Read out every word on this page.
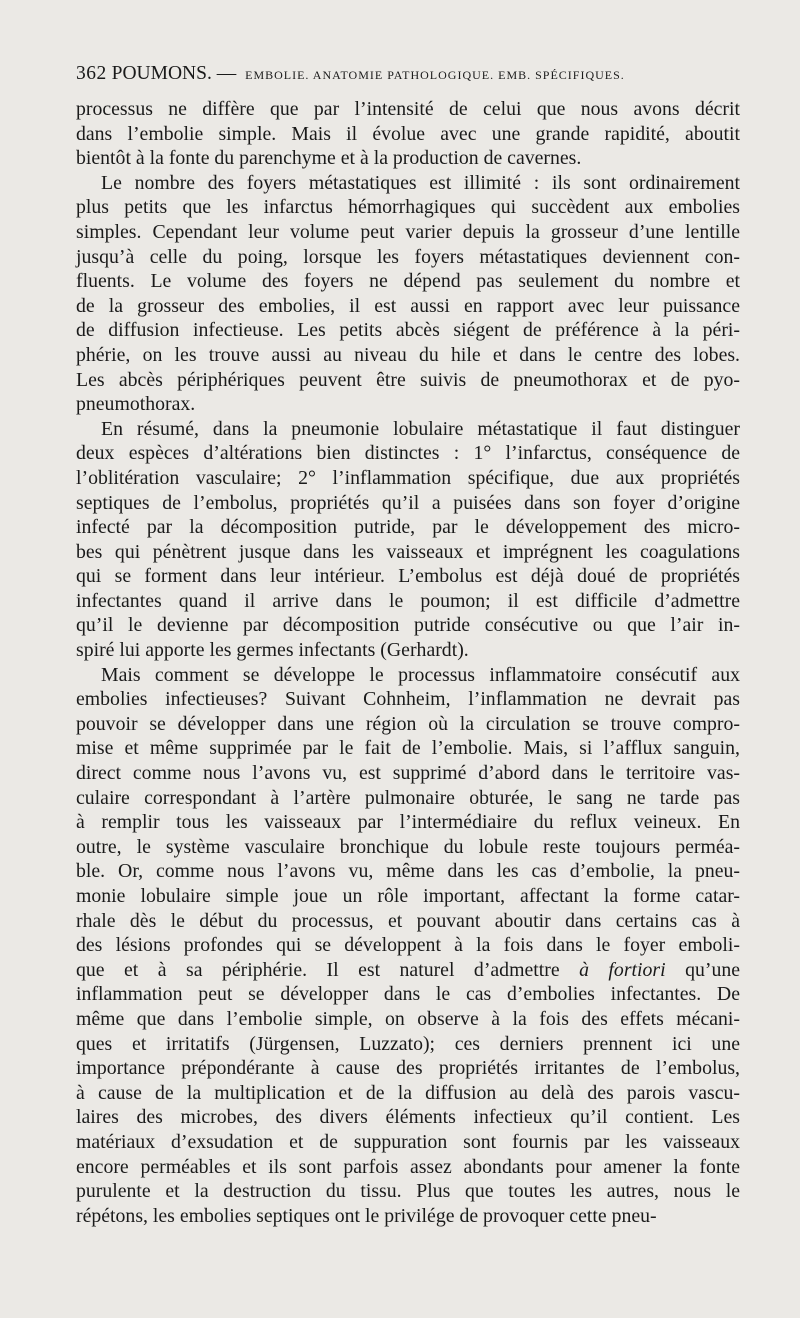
362 POUMONS. — EMBOLIE. ANATOMIE PATHOLOGIQUE. EMB. SPÉCIFIQUES.

processus ne diffère que par l’intensité de celui que nous avons décrit
dans l’embolie simple. Mais il évolue avec une grande rapidité, aboutit
bientôt à la fonte du parenchyme et à la production de cavernes.

Le nombre des foyers métastatiques est illimité : ils sont ordinairement
plus petits que les infarctus hémorrhagiques qui succèdent aux embolies
simples. Cependant leur volume peut varier depuis la grosseur d’une lentille
jusqu’à celle du poing, lorsque les foyers métastatiques deviennent con-
fluents. Le volume des foyers ne dépend pas seulement du nombre et
de la grosseur des embolies, il est aussi en rapport avec leur puissance
de diffusion infectieuse. Les petits abcès siégent de préférence à la péri-
phérie, on les trouve aussi au niveau du hile et dans le centre des lobes.
Les abcès périphériques peuvent être suivis de pneumothorax et de pyo-
pneumothorax.

En résumé, dans la pneumonie lobulaire métastatique il faut distinguer
deux espèces d’altérations bien distinctes : 1° l’infarctus, conséquence de
l’oblitération vasculaire; 2° l’inflammation spécifique, due aux propriétés
septiques de l’embolus, propriétés qu’il a puisées dans son foyer d’origine
infecté par la décomposition putride, par le développement des micro-
bes qui pénètrent jusque dans les vaisseaux et imprégnent les coagulations
qui se forment dans leur intérieur. L’embolus est déjà doué de propriétés
infectantes quand il arrive dans le poumon; il est difficile d’admettre
qu’il le devienne par décomposition putride consécutive ou que l’air in-
spiré lui apporte les germes infectants (Gerhardt).

Mais comment se développe le processus inflammatoire consécutif aux
embolies infectieuses? Suivant Cohnheim, l’inflammation ne devrait pas
pouvoir se développer dans une région où la circulation se trouve compro-
mise et même supprimée par le fait de l’embolie. Mais, si l’afflux sanguin,
direct comme nous l’avons vu, est supprimé d’abord dans le territoire vas-
culaire correspondant à l’artère pulmonaire obturée, le sang ne tarde pas
à remplir tous les vaisseaux par l’intermédiaire du reflux veineux. En
outre, le système vasculaire bronchique du lobule reste toujours perméa-
ble. Or, comme nous l’avons vu, même dans les cas d’embolie, la pneu-
monie lobulaire simple joue un rôle important, affectant la forme catar-
rhale dès le début du processus, et pouvant aboutir dans certains cas à
des lésions profondes qui se développent à la fois dans le foyer emboli-
que et à sa périphérie. Il est naturel d’admettre à fortiori qu’une
inflammation peut se développer dans le cas d’embolies infectantes. De
même que dans l’embolie simple, on observe à la fois des effets mécani-
ques et irritatifs (Jürgensen, Luzzato); ces derniers prennent ici une
importance prépondérante à cause des propriétés irritantes de l’embolus,
à cause de la multiplication et de la diffusion au delà des parois vascu-
laires des microbes, des divers éléments infectieux qu’il contient. Les
matériaux d’exsudation et de suppuration sont fournis par les vaisseaux
encore perméables et ils sont parfois assez abondants pour amener la fonte
purulente et la destruction du tissu. Plus que toutes les autres, nous le
répétons, les embolies septiques ont le privilége de provoquer cette pneu-
